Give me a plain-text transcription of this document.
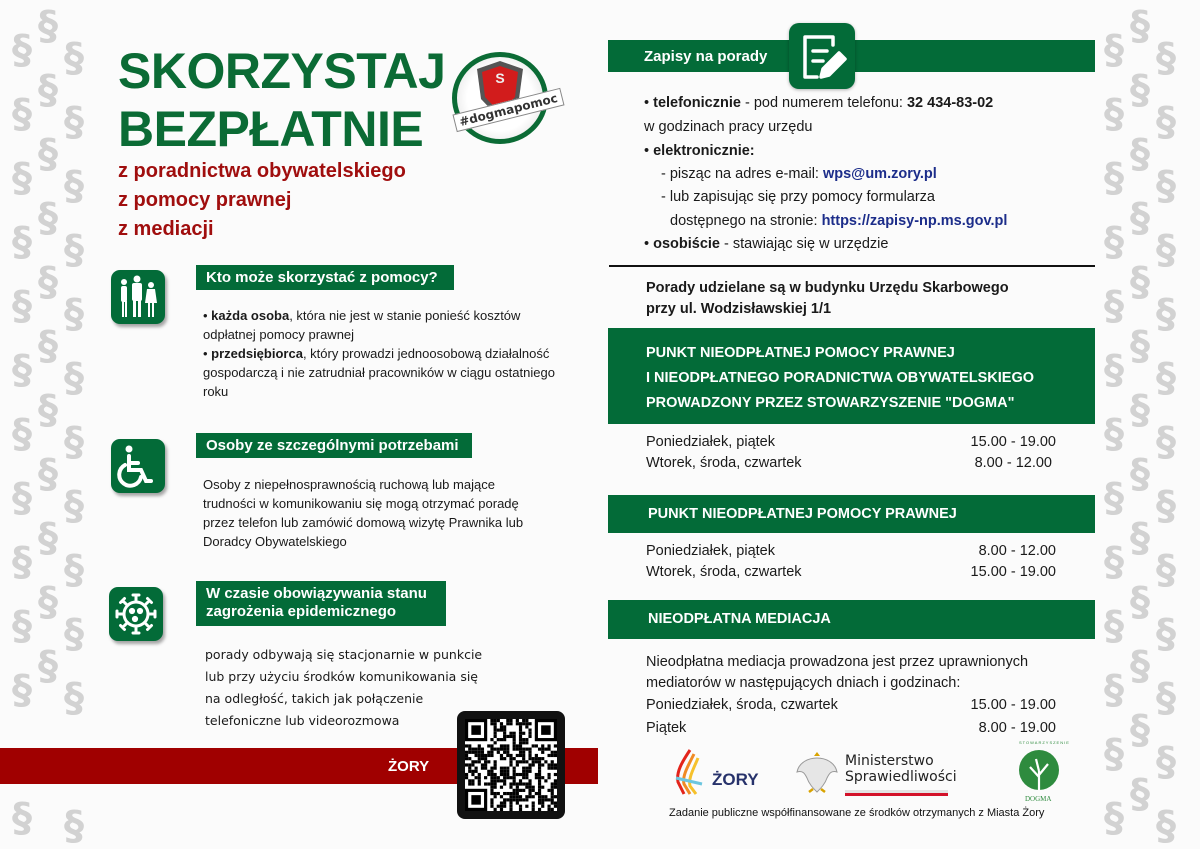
§
§
§
§
§
§
§
§
§
§
§
§
§
§
§
§
§
§
§
§
§
§
§
§
§
§
§
§
§
§
§
§
§
§
§
§
§
§
§
§
§
§
§
§
§
§
§
§
§
§
§
§
§
§
§
§
§
§
§
§
§
§
§
§
§
§
§
§
§
§
§
§
§
§
SKORZYSTAJ
BEZPŁATNIE
z poradnictwa obywatelskiego
z pomocy prawnej
z mediacji
S
#dogmapomoc
Kto może skorzystać z pomocy?
• każda osoba, która nie jest w stanie ponieść kosztów odpłatnej pomocy prawnej
• przedsiębiorca, który prowadzi jednoosobową działalność gospodarczą i nie zatrudniał pracowników w ciągu ostatniego roku
Osoby ze szczególnymi potrzebami
Osoby z niepełnosprawnością ruchową lub mające trudności w komunikowaniu się mogą otrzymać poradę przez telefon lub zamówić domową wizytę Prawnika lub Doradcy Obywatelskiego
W czasie obowiązywania stanu zagrożenia epidemicznego
porady odbywają się stacjonarnie w punkcie lub przy użyciu środków komunikowania się na odległość, takich jak połączenie telefoniczne lub videorozmowa
ŻORY
Zapisy na porady
• telefonicznie - pod numerem telefonu: 32 434-83-02
w godzinach pracy urzędu
• elektronicznie:
- pisząc na adres e-mail: wps@um.zory.pl
- lub zapisując się przy pomocy formularza
dostępnego na stronie: https://zapisy-np.ms.gov.pl
• osobiście - stawiając się w urzędzie
Porady udzielane są w budynku Urzędu Skarbowego
przy ul. Wodzisławskiej 1/1
PUNKT NIEODPŁATNEJ POMOCY PRAWNEJ
I NIEODPŁATNEGO PORADNICTWA OBYWATELSKIEGO
PROWADZONY PRZEZ STOWARZYSZENIE "DOGMA"
Poniedziałek, piątek	15.00 - 19.00
Wtorek, środa, czwartek	8.00 - 12.00
PUNKT NIEODPŁATNEJ POMOCY PRAWNEJ
Poniedziałek, piątek	8.00 - 12.00
Wtorek, środa, czwartek	15.00 - 19.00
NIEODPŁATNA MEDIACJA
Nieodpłatna mediacja prowadzona jest przez uprawnionych
mediatorów w następujących dniach i godzinach:
Poniedziałek, środa, czwartek	15.00 - 19.00
Piątek	8.00 - 19.00
ŻORY
Ministerstwo
Sprawiedliwości
STOWARZYSZENIE
DOGMA
Zadanie publiczne współfinansowane ze środków otrzymanych z Miasta Żory
